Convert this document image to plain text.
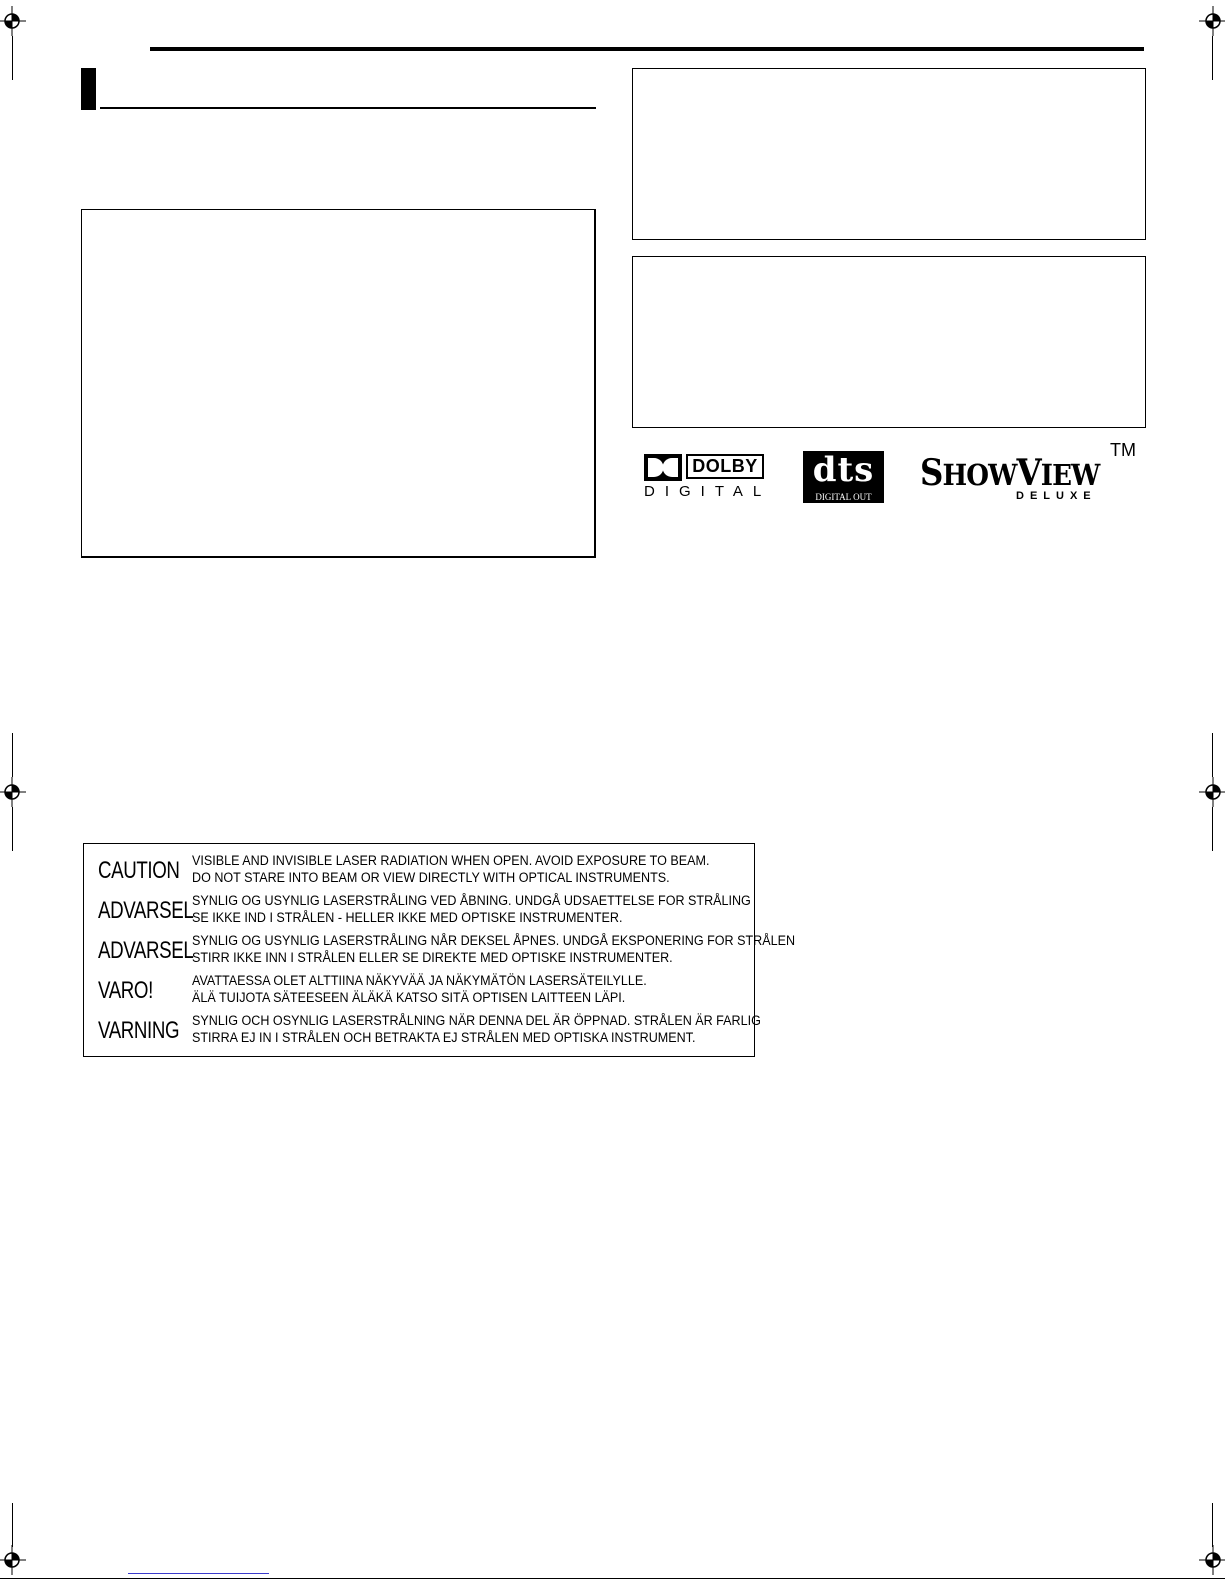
DOLBY
DIGITAL
dts
DIGITAL OUT
SHOWVIEW
TM
DELUXE
CAUTION VISIBLE AND INVISIBLE LASER RADIATION WHEN OPEN. AVOID EXPOSURE TO BEAM.
DO NOT STARE INTO BEAM OR VIEW DIRECTLY WITH OPTICAL INSTRUMENTS.
ADVARSEL
SYNLIG OG USYNLIG LASERSTRÅLING VED ÅBNING. UNDGÅ UDSAETTELSE FOR STRÅLING
SE IKKE IND I STRÅLEN - HELLER IKKE MED OPTISKE INSTRUMENTER.
ADVARSEL
SYNLIG OG USYNLIG LASERSTRÅLING NÅR DEKSEL ÅPNES. UNDGÅ EKSPONERING FOR STRÅLEN
STIRR IKKE INN I STRÅLEN ELLER SE DIREKTE MED OPTISKE INSTRUMENTER.
VARO!	AVATTAESSA OLET ALTTIINA NÄKYVÄÄ JA NÄKYMÄTÖN LASERSÄTEILYLLE.
ÄLÄ TUIJOTA SÄTEESEEN ÄLÄKÄ KATSO SITÄ OPTISEN LAITTEEN LÄPI.
VARNING SYNLIG OCH OSYNLIG LASERSTRÅLNING NÄR DENNA DEL ÄR ÖPPNAD. STRÅLEN ÄR FARLIG
STIRRA EJ IN I STRÅLEN OCH BETRAKTA EJ STRÅLEN MED OPTISKA INSTRUMENT.
